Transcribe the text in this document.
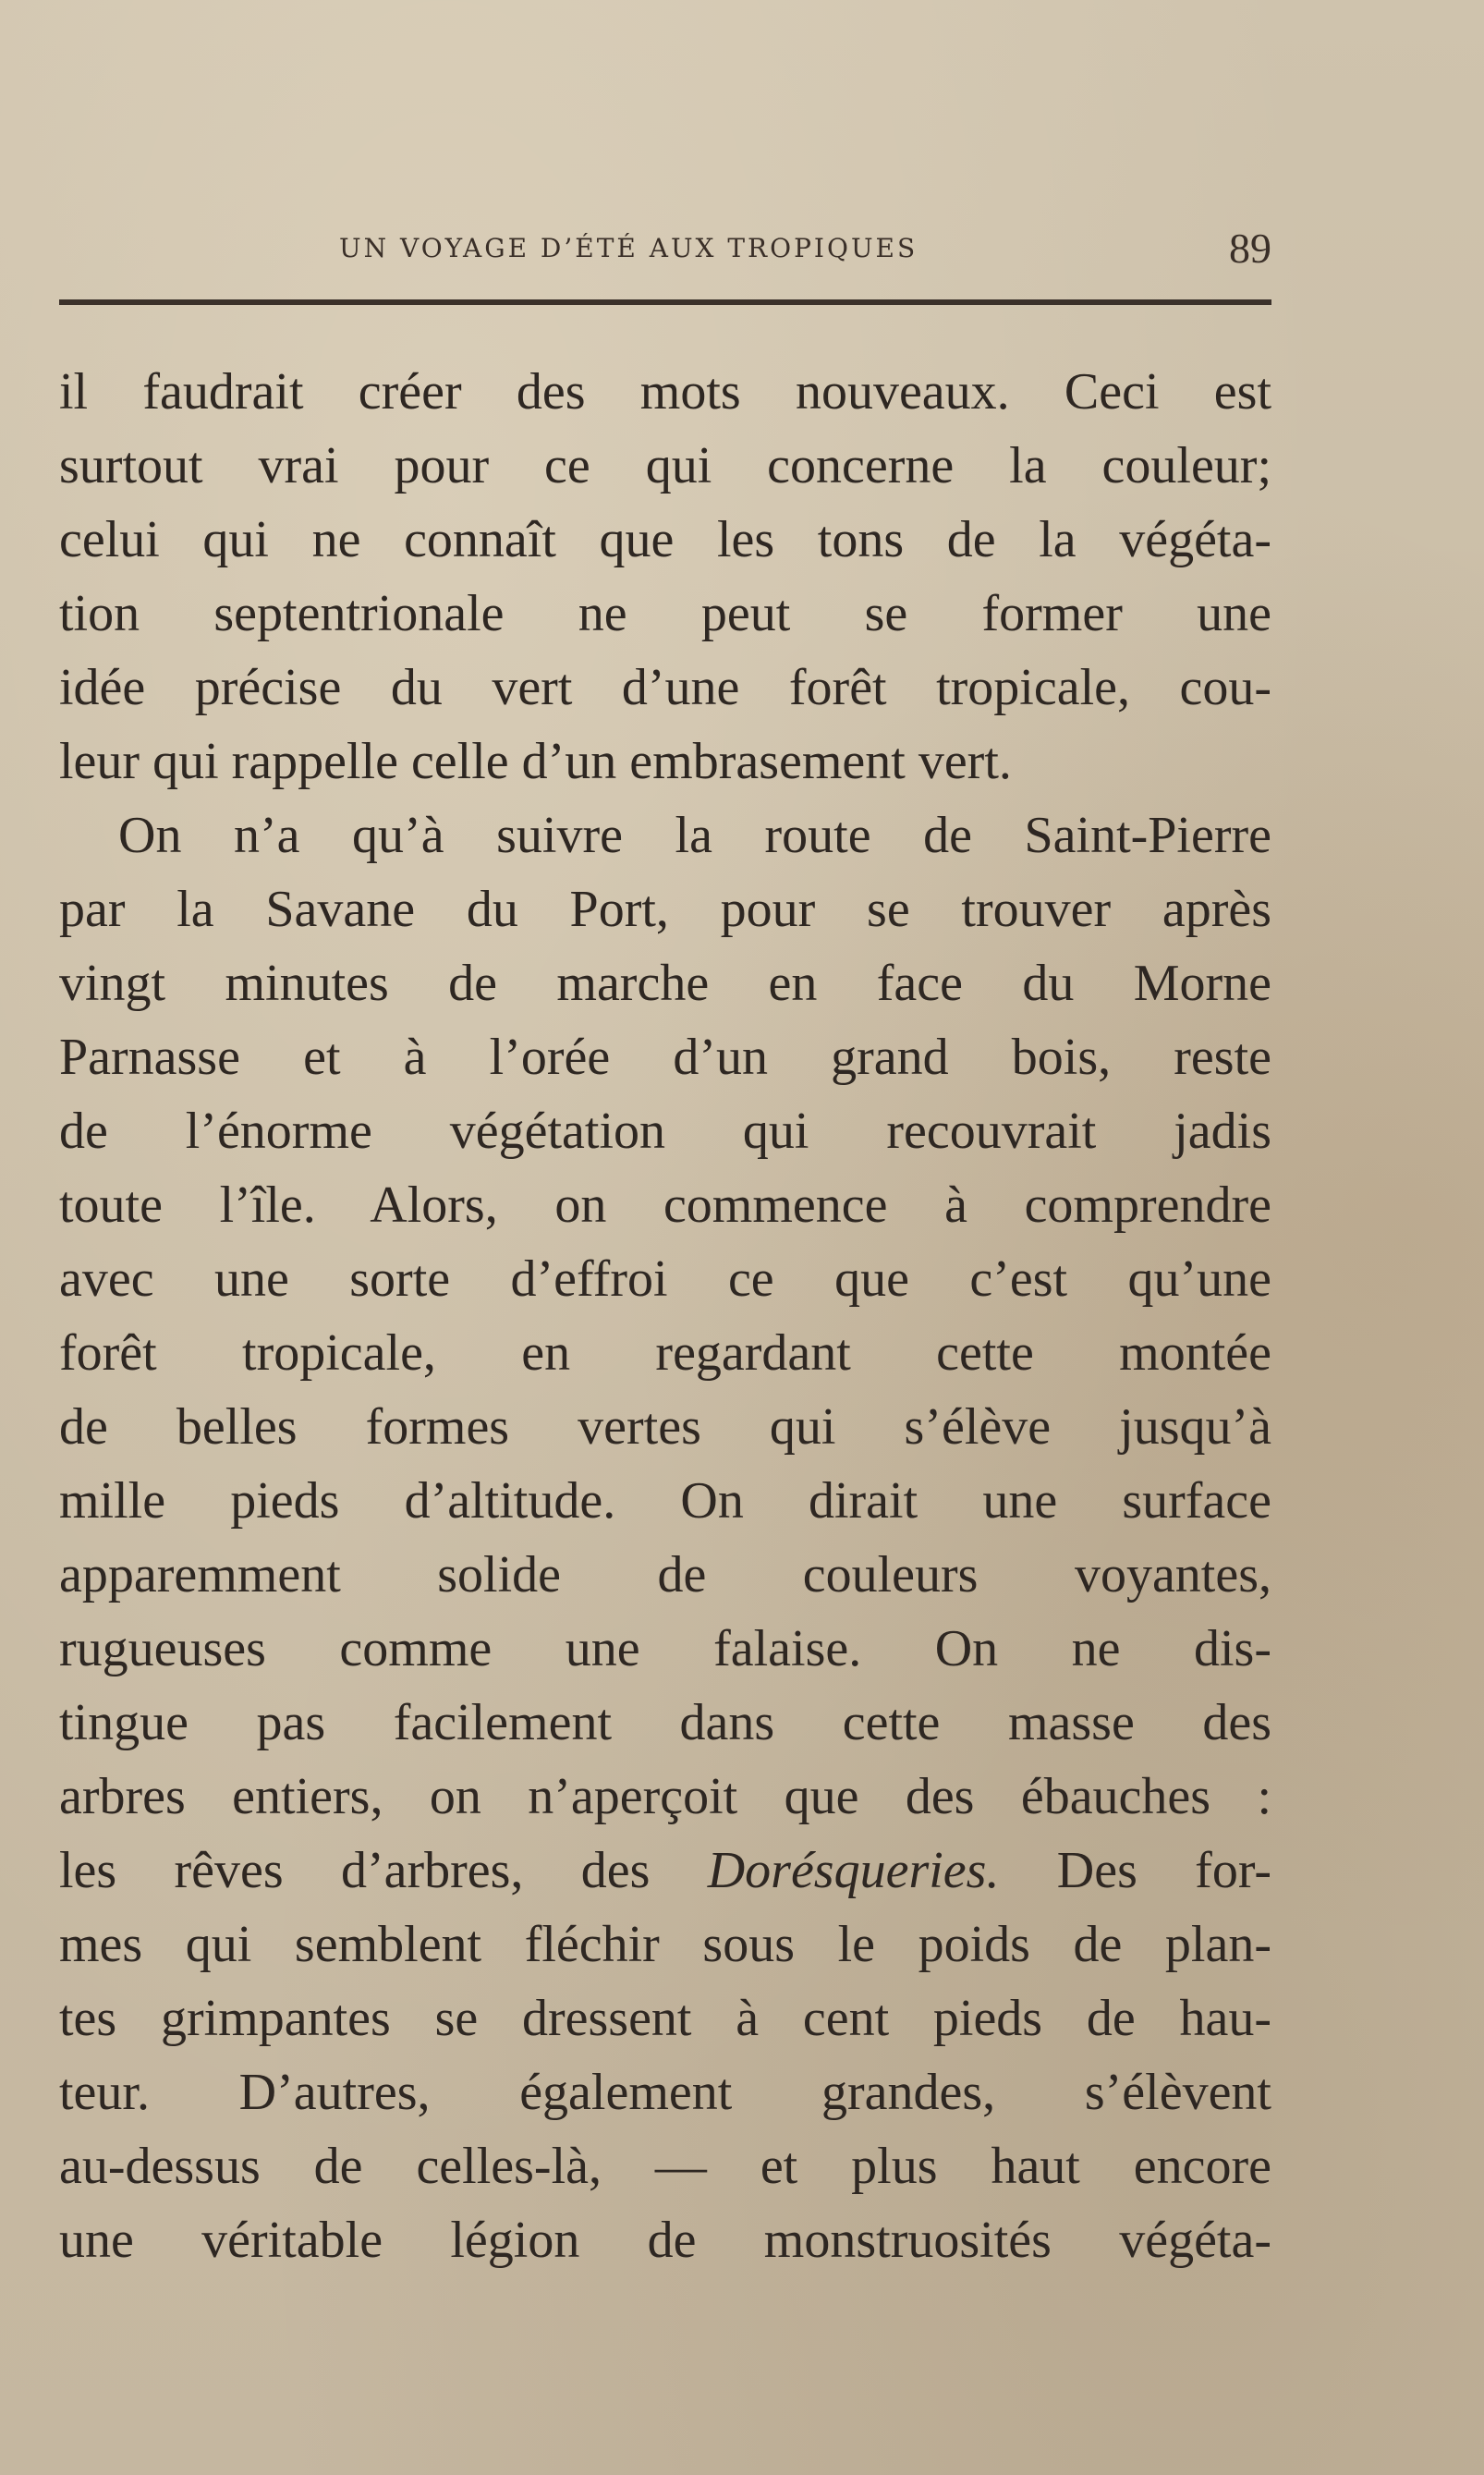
UN VOYAGE D’ÉTÉ AUX TROPIQUES	89
il faudrait créer des mots nouveaux. Ceci est
surtout vrai pour ce qui concerne la couleur;
celui qui ne connaît que les tons de la végéta-
tion septentrionale ne peut se former une
idée précise du vert d’une forêt tropicale, cou-
leur qui rappelle celle d’un embrasement vert.
On n’a qu’à suivre la route de Saint-Pierre
par la Savane du Port, pour se trouver après
vingt minutes de marche en face du Morne
Parnasse et à l’orée d’un grand bois, reste
de l’énorme végétation qui recouvrait jadis
toute l’île. Alors, on commence à comprendre
avec une sorte d’effroi ce que c’est qu’une
forêt tropicale, en regardant cette montée
de belles formes vertes qui s’élève jusqu’à
mille pieds d’altitude. On dirait une surface
apparemment solide de couleurs voyantes,
rugueuses comme une falaise. On ne dis-
tingue pas facilement dans cette masse des
arbres entiers, on n’aperçoit que des ébauches :
les rêves d’arbres, des Dorésqueries. Des for-
mes qui semblent fléchir sous le poids de plan-
tes grimpantes se dressent à cent pieds de hau-
teur. D’autres, également grandes, s’élèvent
au-dessus de celles-là, — et plus haut encore
une véritable légion de monstruosités végéta-
